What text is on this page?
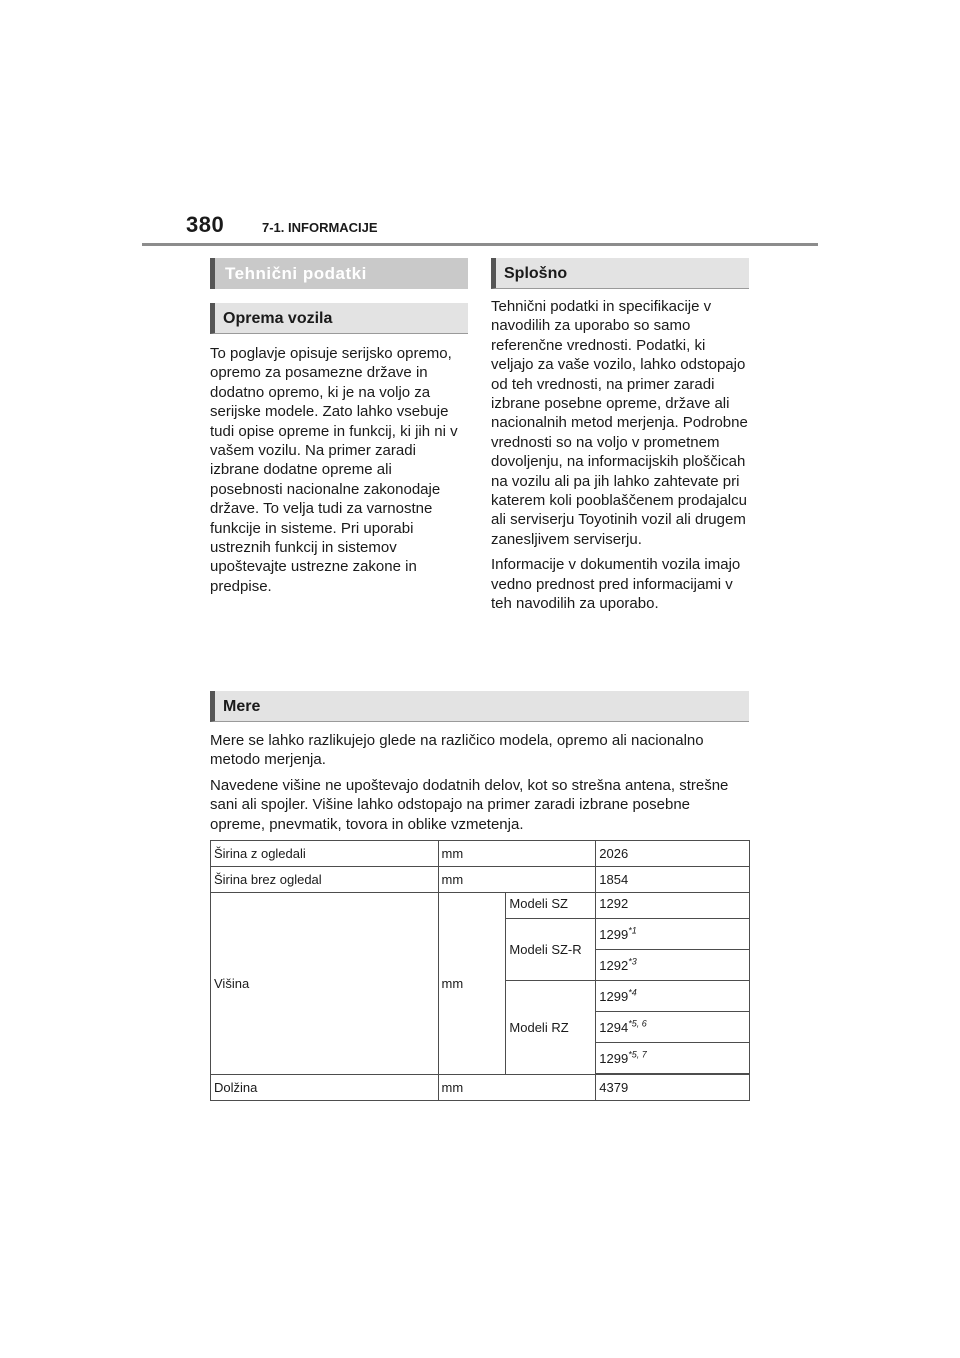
380	7-1. INFORMACIJE
Tehnični podatki
Oprema vozila

To poglavje opisuje serijsko opremo, opremo za posamezne države in dodatno opremo, ki je na voljo za serijske modele. Zato lahko vsebuje tudi opise opreme in funkcij, ki jih ni v vašem vozilu. Na primer zaradi izbrane dodatne opreme ali posebnosti nacionalne zakonodaje države. To velja tudi za varnostne funkcije in sisteme. Pri uporabi ustreznih funkcij in sistemov upoštevajte ustrezne zakone in predpise.

Splošno

Tehnični podatki in specifikacije v navodilih za uporabo so samo referenčne vrednosti. Podatki, ki veljajo za vaše vozilo, lahko odstopajo od teh vrednosti, na primer zaradi izbrane posebne opreme, države ali nacionalnih metod merjenja. Podrobne vrednosti so na voljo v prometnem dovoljenju, na informacijskih ploščicah na vozilu ali pa jih lahko zahtevate pri katerem koli pooblaščenem prodajalcu ali serviserju Toyotinih vozil ali drugem zanesljivem serviserju.

Informacije v dokumentih vozila imajo vedno prednost pred informacijami v teh navodilih za uporabo.

Mere

Mere se lahko razlikujejo glede na različico modela, opremo ali nacionalno metodo merjenja.

Navedene višine ne upoštevajo dodatnih delov, kot so strešna antena, strešne sani ali spojler. Višine lahko odstopajo na primer zaradi izbrane posebne opreme, pnevmatik, tovora in oblike vzmetenja.

Širina z ogledali	mm		2026
Širina brez ogledal	mm		1854
Višina	mm	Modeli SZ	1292
		Modeli SZ-R	1299$^{*1}$
			1292$^{*3}$
		Modeli RZ	1299$^{*4}$
			1294$^{*5, 6}$
			1299$^{*5, 7}$

Dolžina	mm		4379
